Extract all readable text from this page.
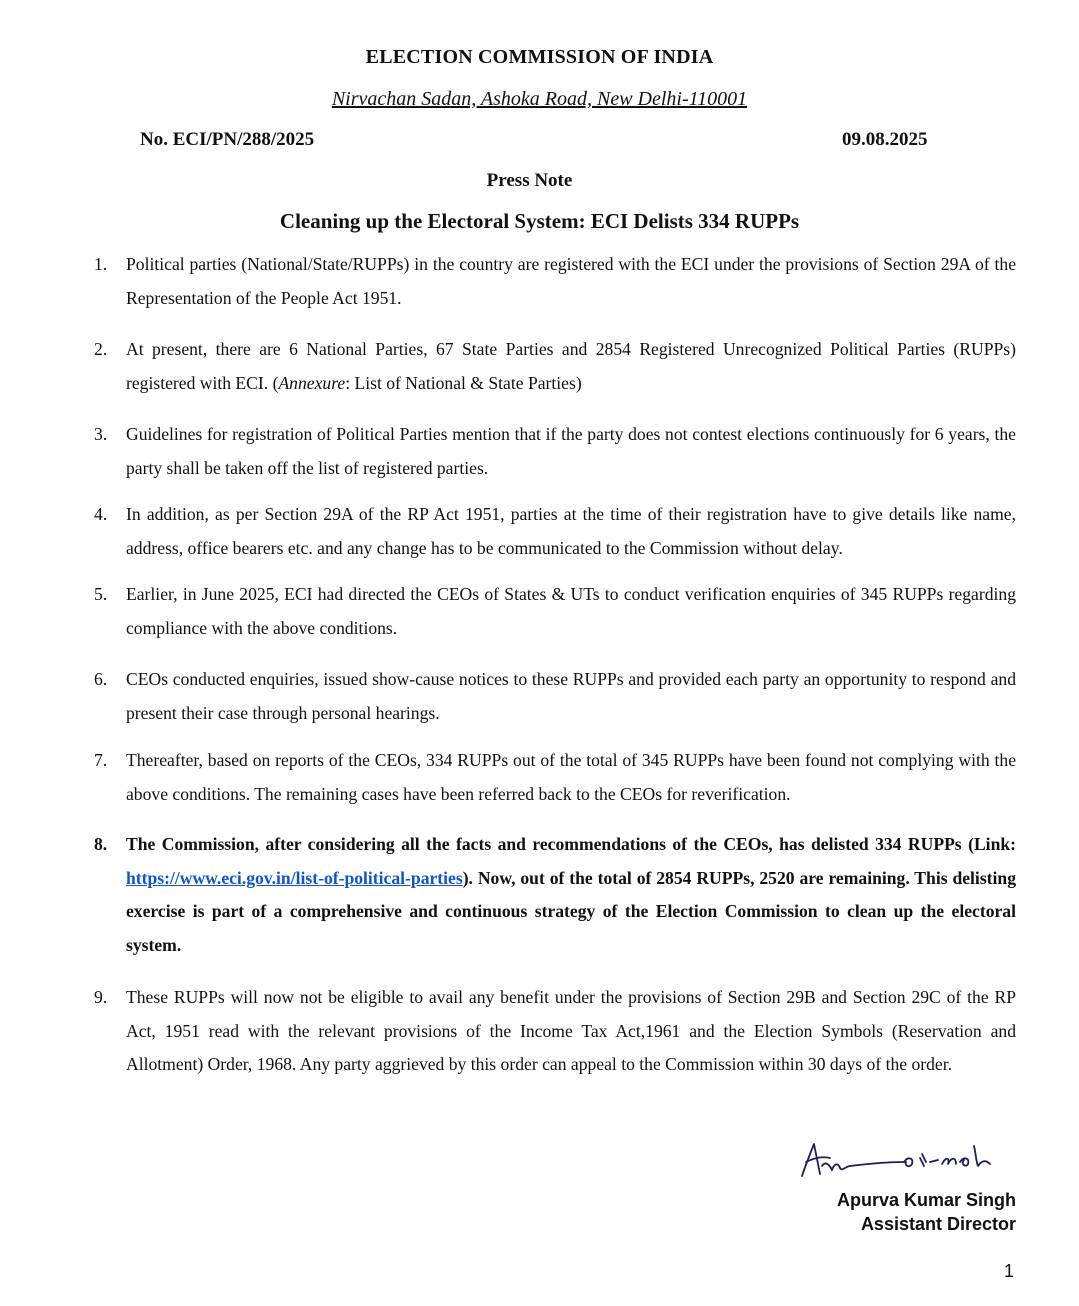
ELECTION COMMISSION OF INDIA
Nirvachan Sadan, Ashoka Road, New Delhi-110001
No. ECI/PN/288/2025	09.08.2025
Press Note
Cleaning up the Electoral System: ECI Delists 334 RUPPs
1. Political parties (National/State/RUPPs) in the country are registered with the ECI under the provisions of Section 29A of the Representation of the People Act 1951.
2. At present, there are 6 National Parties, 67 State Parties and 2854 Registered Unrecognized Political Parties (RUPPs) registered with ECI. (Annexure: List of National & State Parties)
3. Guidelines for registration of Political Parties mention that if the party does not contest elections continuously for 6 years, the party shall be taken off the list of registered parties.
4. In addition, as per Section 29A of the RP Act 1951, parties at the time of their registration have to give details like name, address, office bearers etc. and any change has to be communicated to the Commission without delay.
5. Earlier, in June 2025, ECI had directed the CEOs of States & UTs to conduct verification enquiries of 345 RUPPs regarding compliance with the above conditions.
6. CEOs conducted enquiries, issued show-cause notices to these RUPPs and provided each party an opportunity to respond and present their case through personal hearings.
7. Thereafter, based on reports of the CEOs, 334 RUPPs out of the total of 345 RUPPs have been found not complying with the above conditions. The remaining cases have been referred back to the CEOs for reverification.
8. The Commission, after considering all the facts and recommendations of the CEOs, has delisted 334 RUPPs (Link: https://www.eci.gov.in/list-of-political-parties). Now, out of the total of 2854 RUPPs, 2520 are remaining. This delisting exercise is part of a comprehensive and continuous strategy of the Election Commission to clean up the electoral system.
9. These RUPPs will now not be eligible to avail any benefit under the provisions of Section 29B and Section 29C of the RP Act, 1951 read with the relevant provisions of the Income Tax Act,1961 and the Election Symbols (Reservation and Allotment) Order, 1968. Any party aggrieved by this order can appeal to the Commission within 30 days of the order.
Apurva Kumar Singh
Assistant Director
1
